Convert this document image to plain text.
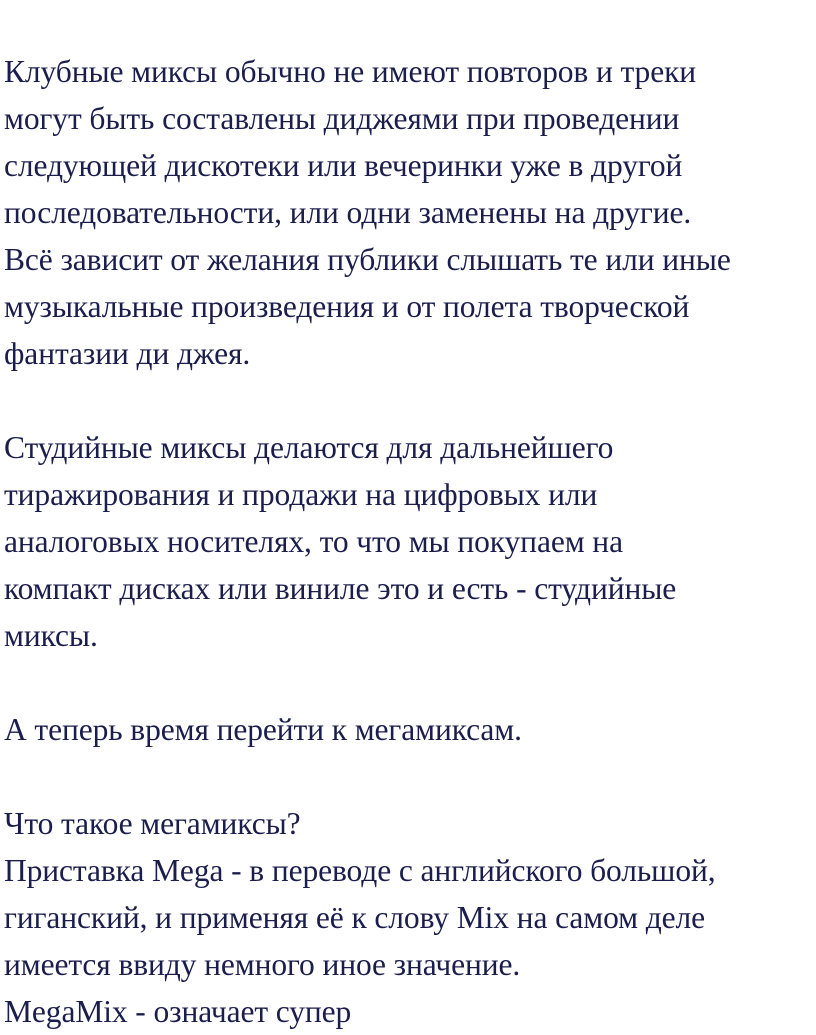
Клубные миксы обычно не имеют повторов и треки
могут быть составлены диджеями при проведении
следующей дискотеки или вечеринки уже в другой
последовательности, или одни заменены на другие.
Всё зависит от желания публики слышать те или иные
музыкальные произведения и от полета творческой
фантазии ди джея.
Студийные миксы делаются для дальнейшего
тиражирования и продажи на цифровых или
аналоговых носителях, то что мы покупаем на
компакт дисках или виниле это и есть - студийные
миксы.
А теперь время перейти к мегамиксам.
Что такое мегамиксы?
Приставка Mega - в переводе с английского большой,
гиганский, и применяя её к слову Mix на самом деле
имеется ввиду немного иное значение.
MegaMix - означает супер
